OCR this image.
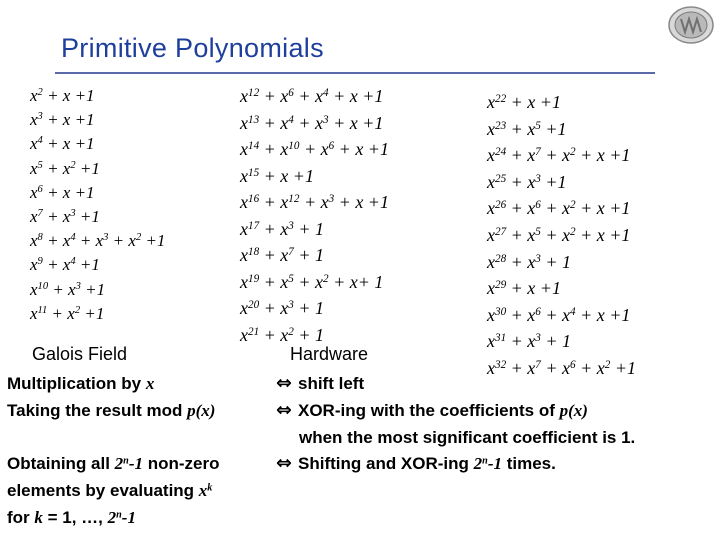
Primitive Polynomials
$x^2 + x +1$
$x^3 + x +1$
$x^4 + x +1$
$x^5 + x^2 +1$
$x^6 + x +1$
$x^7 + x^3 +1$
$x^8 + x^4 + x^3 + x^2 +1$
$x^9 + x^4 +1$
$x^{10} + x^3 +1$
$x^{11} + x^2 +1$
$x^{12} + x^6 + x^4 + x +1$
$x^{13} + x^4 + x^3 + x +1$
$x^{14} + x^{10} + x^6 + x +1$
$x^{15} + x +1$
$x^{16} + x^{12} + x^3 + x +1$
$x^{17} + x^3 + 1$
$x^{18} + x^7 + 1$
$x^{19} + x^5 + x^2 + x+ 1$
$x^{20} + x^3 + 1$
$x^{21} + x^2 + 1$
$x^{22} + x +1$
$x^{23} + x^5 +1$
$x^{24} + x^7 + x^2 + x +1$
$x^{25} + x^3 +1$
$x^{26} + x^6 + x^2 + x +1$
$x^{27} + x^5 + x^2 + x +1$
$x^{28} + x^3 + 1$
$x^{29} + x +1$
$x^{30} + x^6 + x^4 + x +1$
$x^{31} + x^3 + 1$
$x^{32} + x^7 + x^6 + x^2 +1$
Galois Field	Hardware
Multiplication by x	⇔ shift left
Taking the result mod p(x)	⇔ XOR-ing with the coefficients of p(x)
when the most significant coefficient is 1.
Obtaining all 2$^n$-1 non-zero	⇔ Shifting and XOR-ing 2$^n$-1 times.
elements by evaluating $x^k$
for k = 1, …, 2$^n$-1
